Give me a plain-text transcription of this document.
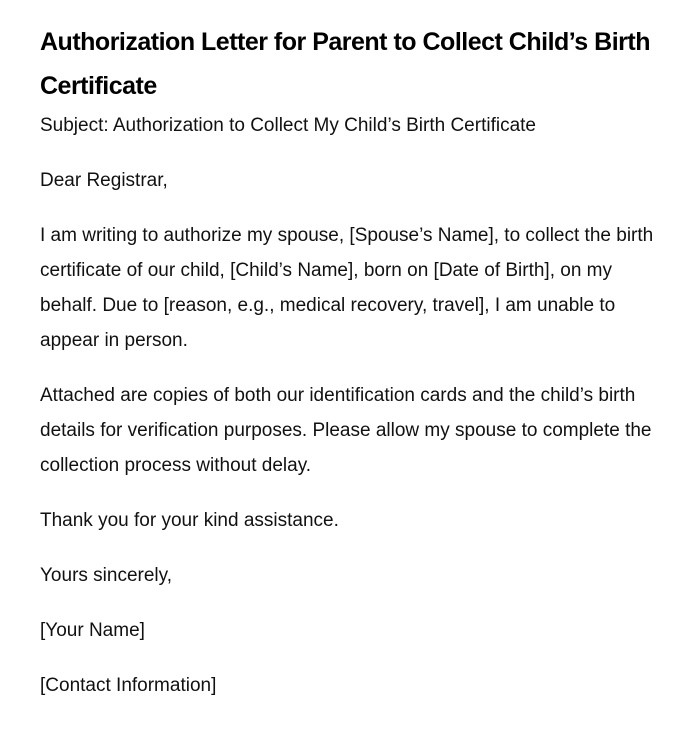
Authorization Letter for Parent to Collect Child’s Birth Certificate
Subject: Authorization to Collect My Child’s Birth Certificate

Dear Registrar,

I am writing to authorize my spouse, [Spouse’s Name], to collect the birth certificate of our child, [Child’s Name], born on [Date of Birth], on my behalf. Due to [reason, e.g., medical recovery, travel], I am unable to appear in person.

Attached are copies of both our identification cards and the child’s birth details for verification purposes. Please allow my spouse to complete the collection process without delay.

Thank you for your kind assistance.

Yours sincerely,

[Your Name]

[Contact Information]
